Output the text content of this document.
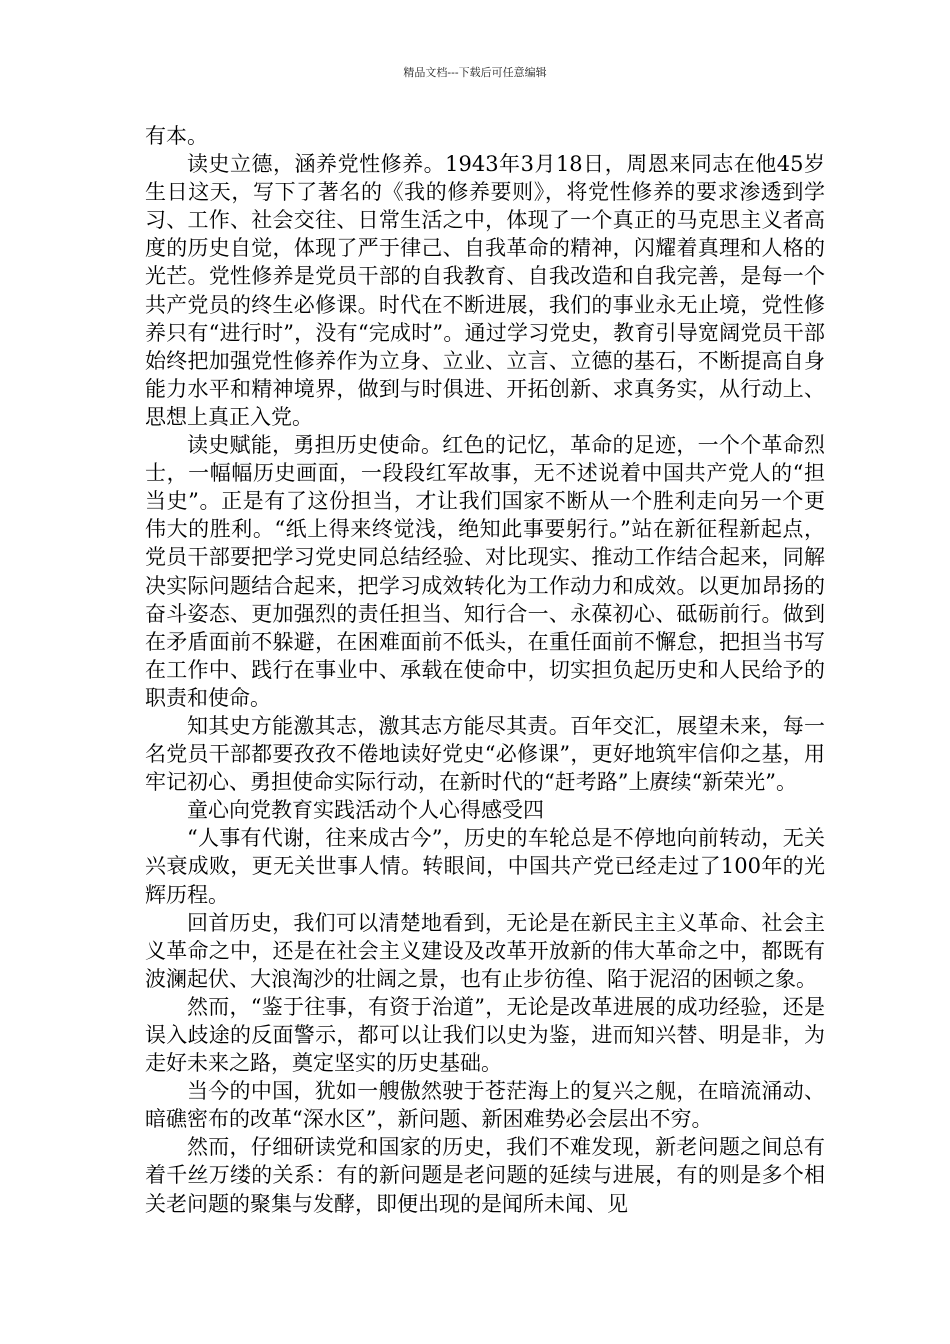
精品文档---下载后可任意编辑

有本。

读史立德，涵养党性修养。1943年3月18日，周恩来同志在他45岁生日这天，写下了著名的《我的修养要则》，将党性修养的要求渗透到学习、工作、社会交往、日常生活之中，体现了一个真正的马克思主义者高度的历史自觉，体现了严于律己、自我革命的精神，闪耀着真理和人格的光芒。党性修养是党员干部的自我教育、自我改造和自我完善，是每一个共产党员的终生必修课。时代在不断进展，我们的事业永无止境，党性修养只有“进行时”，没有“完成时”。通过学习党史，教育引导宽阔党员干部始终把加强党性修养作为立身、立业、立言、立德的基石，不断提高自身能力水平和精神境界，做到与时俱进、开拓创新、求真务实，从行动上、思想上真正入党。

读史赋能，勇担历史使命。红色的记忆，革命的足迹，一个个革命烈士，一幅幅历史画面，一段段红军故事，无不述说着中国共产党人的“担当史”。正是有了这份担当，才让我们国家不断从一个胜利走向另一个更伟大的胜利。“纸上得来终觉浅，绝知此事要躬行。”站在新征程新起点，党员干部要把学习党史同总结经验、对比现实、推动工作结合起来，同解决实际问题结合起来，把学习成效转化为工作动力和成效。以更加昂扬的奋斗姿态、更加强烈的责任担当、知行合一、永葆初心、砥砺前行。做到在矛盾面前不躲避，在困难面前不低头，在重任面前不懈怠，把担当书写在工作中、践行在事业中、承载在使命中，切实担负起历史和人民给予的职责和使命。

知其史方能激其志，激其志方能尽其责。百年交汇，展望未来，每一名党员干部都要孜孜不倦地读好党史“必修课”，更好地筑牢信仰之基，用牢记初心、勇担使命实际行动，在新时代的“赶考路”上赓续“新荣光”。

童心向党教育实践活动个人心得感受四

“人事有代谢，往来成古今”，历史的车轮总是不停地向前转动，无关兴衰成败，更无关世事人情。转眼间，中国共产党已经走过了100年的光辉历程。

回首历史，我们可以清楚地看到，无论是在新民主主义革命、社会主义革命之中，还是在社会主义建设及改革开放新的伟大革命之中，都既有波澜起伏、大浪淘沙的壮阔之景，也有止步彷徨、陷于泥沼的困顿之象。

然而，“鉴于往事，有资于治道”，无论是改革进展的成功经验，还是误入歧途的反面警示，都可以让我们以史为鉴，进而知兴替、明是非，为走好未来之路，奠定坚实的历史基础。

当今的中国，犹如一艘傲然驶于苍茫海上的复兴之舰，在暗流涌动、暗礁密布的改革“深水区”，新问题、新困难势必会层出不穷。

然而，仔细研读党和国家的历史，我们不难发现，新老问题之间总有着千丝万缕的关系：有的新问题是老问题的延续与进展，有的则是多个相关老问题的聚集与发酵，即便出现的是闻所未闻、见
